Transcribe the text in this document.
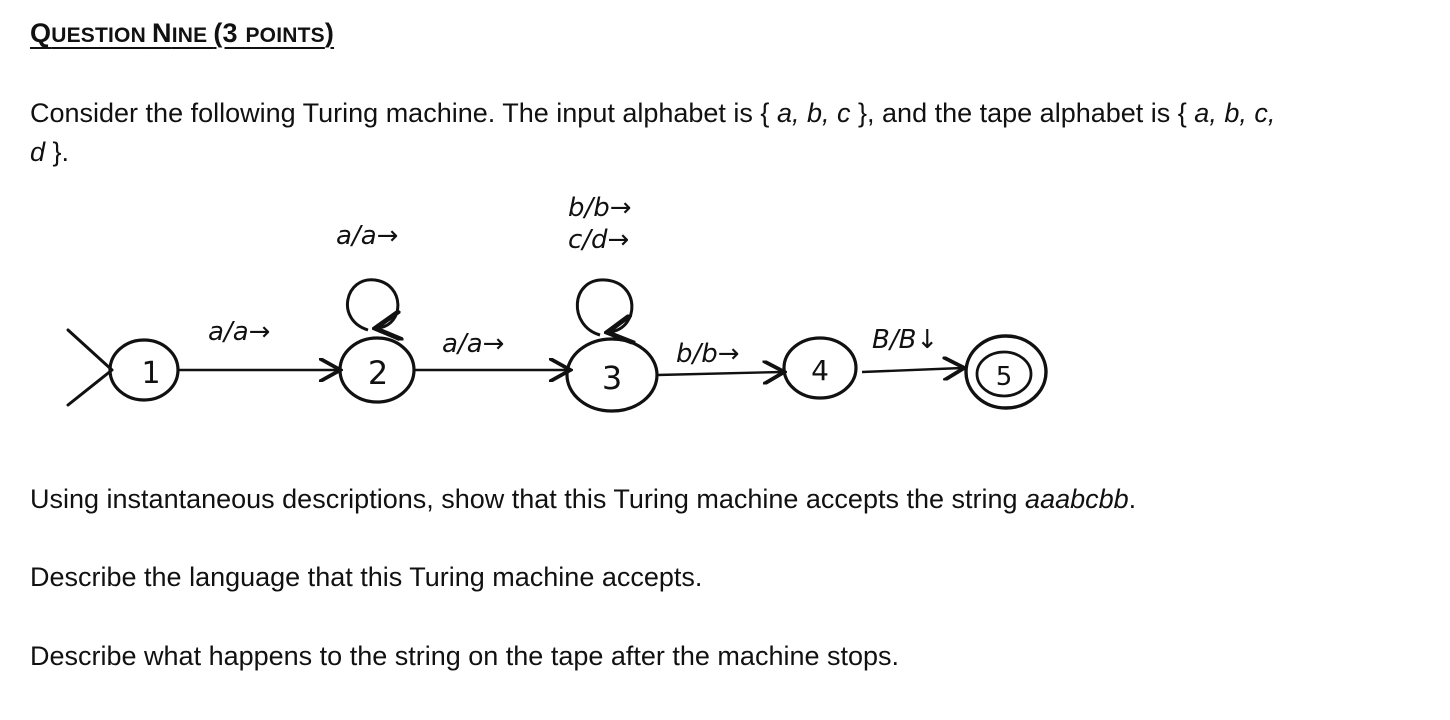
QUESTION NINE (3 POINTS)
Consider the following Turing machine. The input alphabet is { a, b, c }, and the tape alphabet is { a, b, c,
d }.
1
a/a→
2
a/a→
a/a→
3
b/b→
c/d→
b/b→	4
B/B↓
5
Using instantaneous descriptions, show that this Turing machine accepts the string aaabcbb.
Describe the language that this Turing machine accepts.
Describe what happens to the string on the tape after the machine stops.
